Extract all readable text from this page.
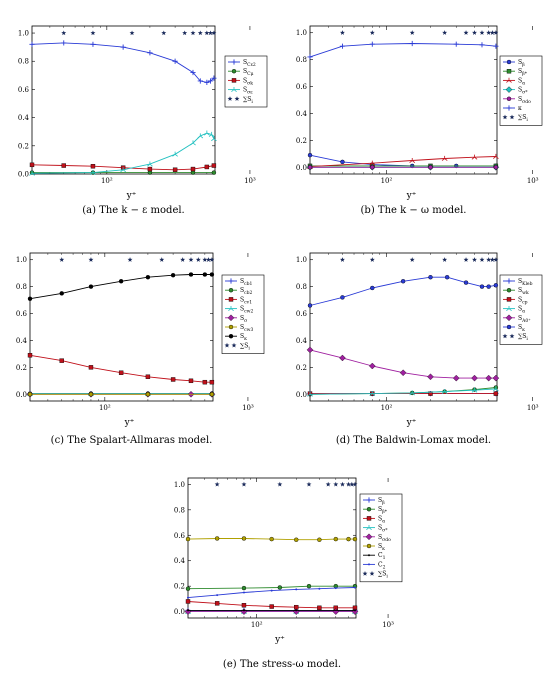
0.0
0.2
0.4
0.6
0.8
1.0
10²	10³
y⁺
$S_{C\varepsilon 2}$
$S_{C\mu}$
$S_{\sigma k}$
$S_{\sigma\varepsilon}$
$\sum S_i$
(a) The k − ε model.
0.0
0.2
0.4
0.6
0.8
1.0
10²	10³
y⁺
$S_\beta$
$S_{\beta*}$
$S_\alpha$
$S_{\sigma*}$
$S_{\sigma do}$
κ
$\sum S_i$
(b) The k − ω model.
0.0
0.2
0.4
0.6
0.8
1.0
10²	10³
y⁺
$S_{cb1}$
$S_{cb2}$
$S_{cv1}$
$S_{cw2}$
$S_\sigma$
$S_{cw3}$
$S_\kappa$
$\sum S_i$
(c) The Spalart-Allmaras model.
0.0
0.2
0.4
0.6
0.8
1.0
10²	10³
y⁺
$S_{Kleb}$
$S_{wk}$
$S_{cp}$
$S_\alpha$
$S_{A0^+}$
$S_\kappa$
$\sum S_i$
(d) The Baldwin-Lomax model.
0.0
0.2
0.4
0.6
0.8
1.0
10²	10³
y⁺
$S_\beta$
$S_{\beta*}$
$S_\alpha$
$S_{\sigma*}$
$S_{\sigma do}$
$S_\kappa$
$C_1$
$C_2$
$\sum S_i$
(e) The stress-ω model.
